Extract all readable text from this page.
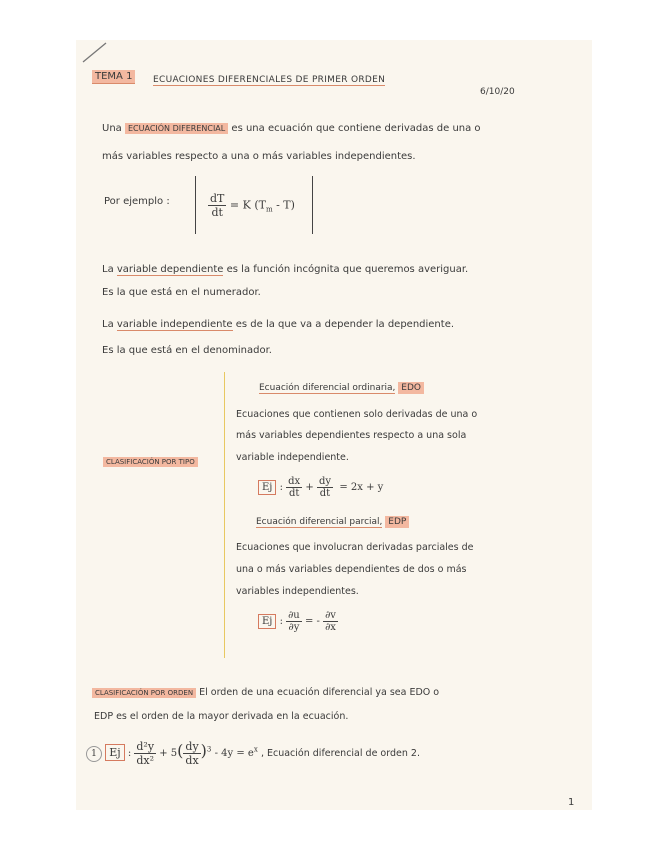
TEMA 1	ECUACIONES DIFERENCIALES DE PRIMER ORDEN
6/10/20
Una ECUACIÓN DIFERENCIAL es una ecuación que contiene derivadas de una o
más variables respecto a una o más variables independientes.
Por ejemplo :	$\frac{dT}{dt} = K$ $(T_m - T)$
La variable dependiente es la función incógnita que queremos averiguar.
Es la que está en el numerador.
La variable independiente es de la que va a depender la dependiente.
Es la que está en el denominador.
CLASIFICACIÓN POR TIPO
Ecuación diferencial ordinaria, EDO
Ecuaciones que contienen solo derivadas de una o
más variables dependientes respecto a una sola
variable independiente.
Ej : $\frac{dx}{dt} + \frac{dy}{dt} = 2x + y$
Ecuación diferencial parcial, EDP
Ecuaciones que involucran derivadas parciales de
una o más variables dependientes de dos o más
variables independientes.
Ej : $\frac{\partial u}{\partial y}$ = - $\frac{\partial v}{\partial x}$
CLASIFICACIÓN POR ORDEN El orden de una ecuación diferencial ya sea EDO o
EDP es el orden de la mayor derivada en la ecuación.
1 Ej : $\frac{\text{d²y}}{\text{dx²}} + 5( \frac{dy}{dx} )^3 - 4y = e^x$ , Ecuación diferencial de orden 2.
1
